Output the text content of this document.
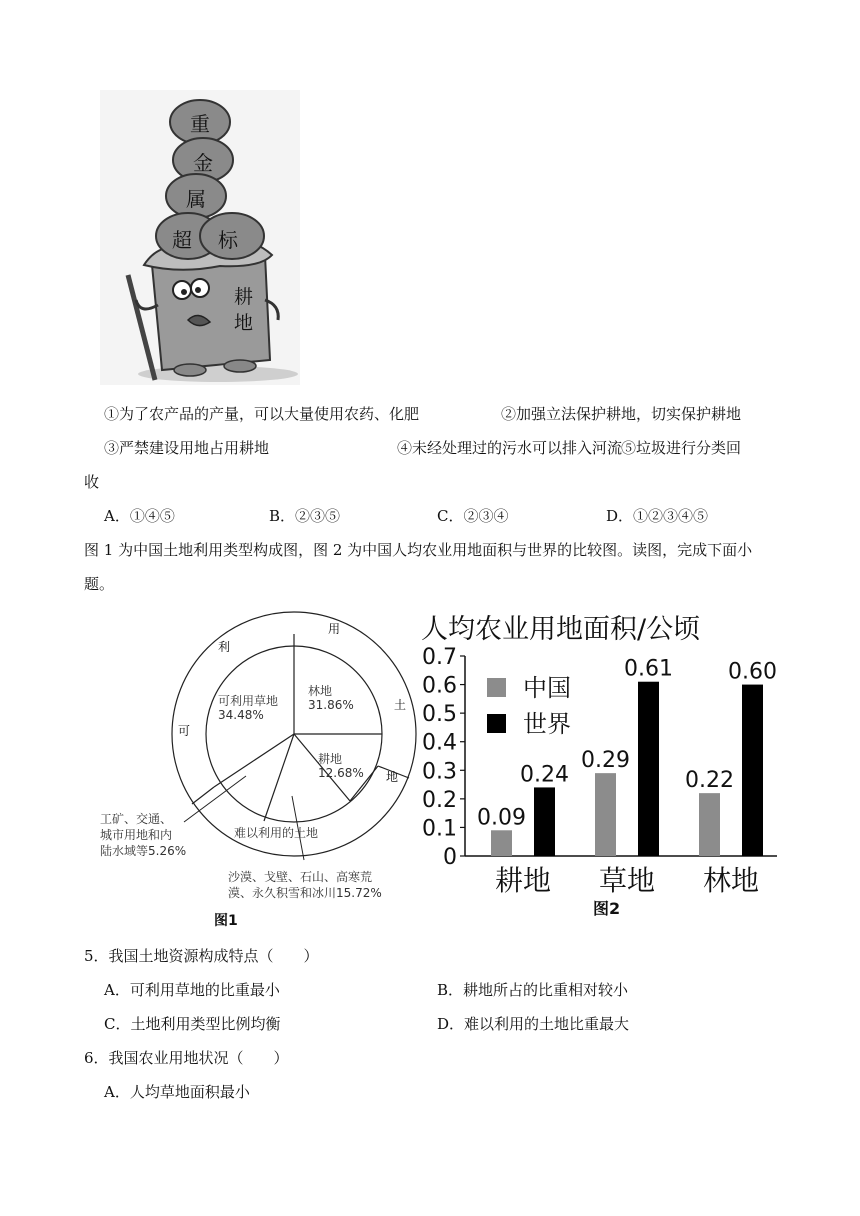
重
金
属
超 标
耕
地
①为了农产品的产量，可以大量使用农药、化肥	②加强立法保护耕地，切实保护耕地
③严禁建设用地占用耕地	④未经处理过的污水可以排入河流
⑤垃圾进行分类回
收
A．①④⑤	B．②③⑤	C．②③④	D．①②③④⑤
图 1 为中国土地利用类型构成图，图 2 为中国人均农业用地面积与世界的比较图。读图，完成下面小
题。
利
用
土
地
可
可利用草地
34.48%
林地
31.86%
耕地
12.68%
难以利用的土地
工矿、交通、
城市用地和内
陆水域等5.26%
沙漠、戈壁、石山、高寒荒
漠、永久积雪和冰川15.72%
图1
人均农业用地面积/公顷
0
0.1
0.2
0.3
0.4
0.5
0.6
0.7
0.09
0.24
耕地
0.29
0.61
草地
0.22
0.60
林地
中国
世界
图2
5．我国土地资源构成特点（　　）
A．可利用草地的比重最小	B．耕地所占的比重相对较小
C．土地利用类型比例均衡	D．难以利用的土地比重最大
6．我国农业用地状况（　　）
A．人均草地面积最小
